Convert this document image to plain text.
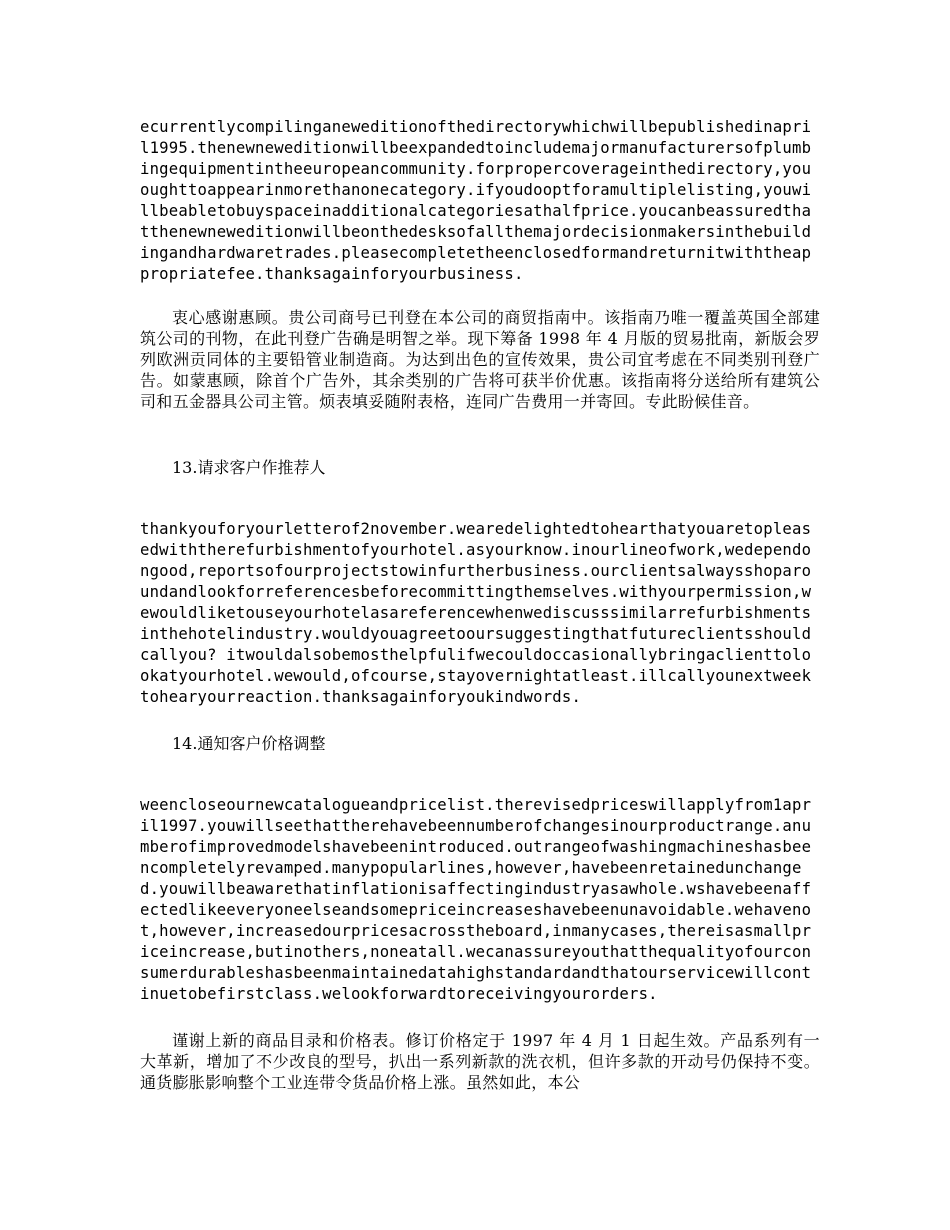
ecurrentlycompilinganeweditionofthedirectorywhichwillbepublishedinapril1995.thenewneweditionwillbeexpandedtoincludemajormanufacturersofplumbingequipmentintheeuropeancommunity.forpropercoverageinthedirectory,yououghttoappearinmorethanonecategory.ifyoudooptforamultiplelisting,youwillbeabletobuyspaceinadditionalcategoriesathalfprice.youcanbeassuredthatthenewneweditionwillbeonthedesksofallthemajordecisionmakersinthebuildingandhardwaretrades.pleasecompletetheenclosedformandreturnitwiththeappropriatefee.thanksagainforyourbusiness.

衷心感谢惠顾。贵公司商号已刊登在本公司的商贸指南中。该指南乃唯一覆盖英国全部建筑公司的刊物，在此刊登广告确是明智之举。现下筹备 1998 年 4 月版的贸易批南，新版会罗列欧洲贡同体的主要铅管业制造商。为达到出色的宣传效果，贵公司宜考虑在不同类别刊登广告。如蒙惠顾，除首个广告外，其余类别的广告将可获半价优惠。该指南将分送给所有建筑公司和五金器具公司主管。烦表填妥随附表格，连同广告费用一并寄回。专此盼候佳音。

13.请求客户作推荐人

thankyouforyourletterof2november.wearedelightedtohearthatyouaretopleasedwiththerefurbishmentofyourhotel.asyourknow.inourlineofwork,wedependongood,reportsofourprojectstowinfurtherbusiness.ourclientsalwaysshoparoundandlookforreferencesbeforecommittingthemselves.withyourpermission,wewouldliketouseyourhotelasareferencewhenwediscusssimilarrefurbishmentsinthehotelindustry.wouldyouagreetooursuggestingthatfutureclientsshouldcallyou? itwouldalsobemosthelpfulifwecouldoccasionallybringaclienttolookatyourhotel.wewould,ofcourse,stayovernightatleast.illcallyounextweektohearyourreaction.thanksagainforyoukindwords.

14.通知客户价格调整

weencloseournewcatalogueandpricelist.therevisedpriceswillapplyfrom1april1997.youwillseethattherehavebeennumberofchangesinourproductrange.anumberofimprovedmodelshavebeenintroduced.outrangeofwashingmachineshasbeencompletelyrevamped.manypopularlines,however,havebeenretainedunchanged.youwillbeawarethatinflationisaffectingindustryasawhole.wshavebeenaffectedlikeeveryoneelseandsomepriceincreaseshavebeenunavoidable.wehavenot,however,increasedourpricesacrosstheboard,inmanycases,thereisasmallpriceincrease,butinothers,noneatall.wecanassureyouthatthequalityofourconsumerdurableshasbeenmaintainedatahighstandardandthatourservicewillcontinuetobefirstclass.welookforwardtoreceivingyourorders.

谨谢上新的商品目录和价格表。修订价格定于 1997 年 4 月 1 日起生效。产品系列有一大革新，增加了不少改良的型号，扒出一系列新款的洗衣机，但许多款的开动号仍保持不变。通货膨胀影响整个工业连带令货品价格上涨。虽然如此，本公
